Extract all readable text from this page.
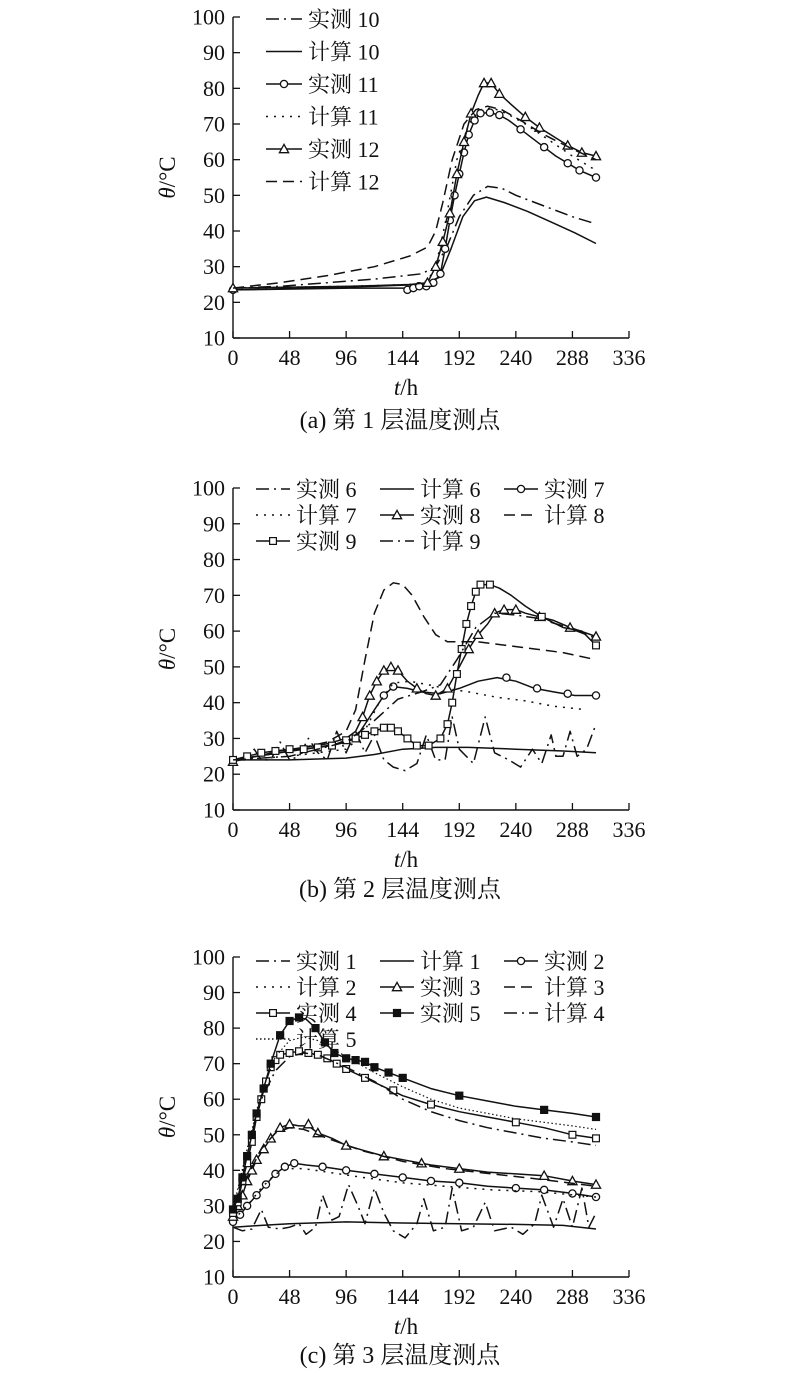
10
20
30
40
50
60
70
80
90
100
0 48 96 144 192 240 288 336
t/h
θ/°C
实测 10
计算 10
实测 11
计算 11
实测 12
计算 12
(a) 第 1 层温度测点
10
20
30
40
50
60
70
80
90
100
0 48 96 144 192 240 288 336
t/h
θ/°C
实测 6	计算 6	实测 7
计算 7	实测 8	计算 8
实测 9	计算 9
(b) 第 2 层温度测点
10
20
30
40
50
60
70
80
90
100
0 48 96 144 192 240 288 336
t/h
θ/°C
实测 1	计算 1	实测 2
计算 2	实测 3	计算 3
实测 4	实测 5	计算 4
计算 5
(c) 第 3 层温度测点
